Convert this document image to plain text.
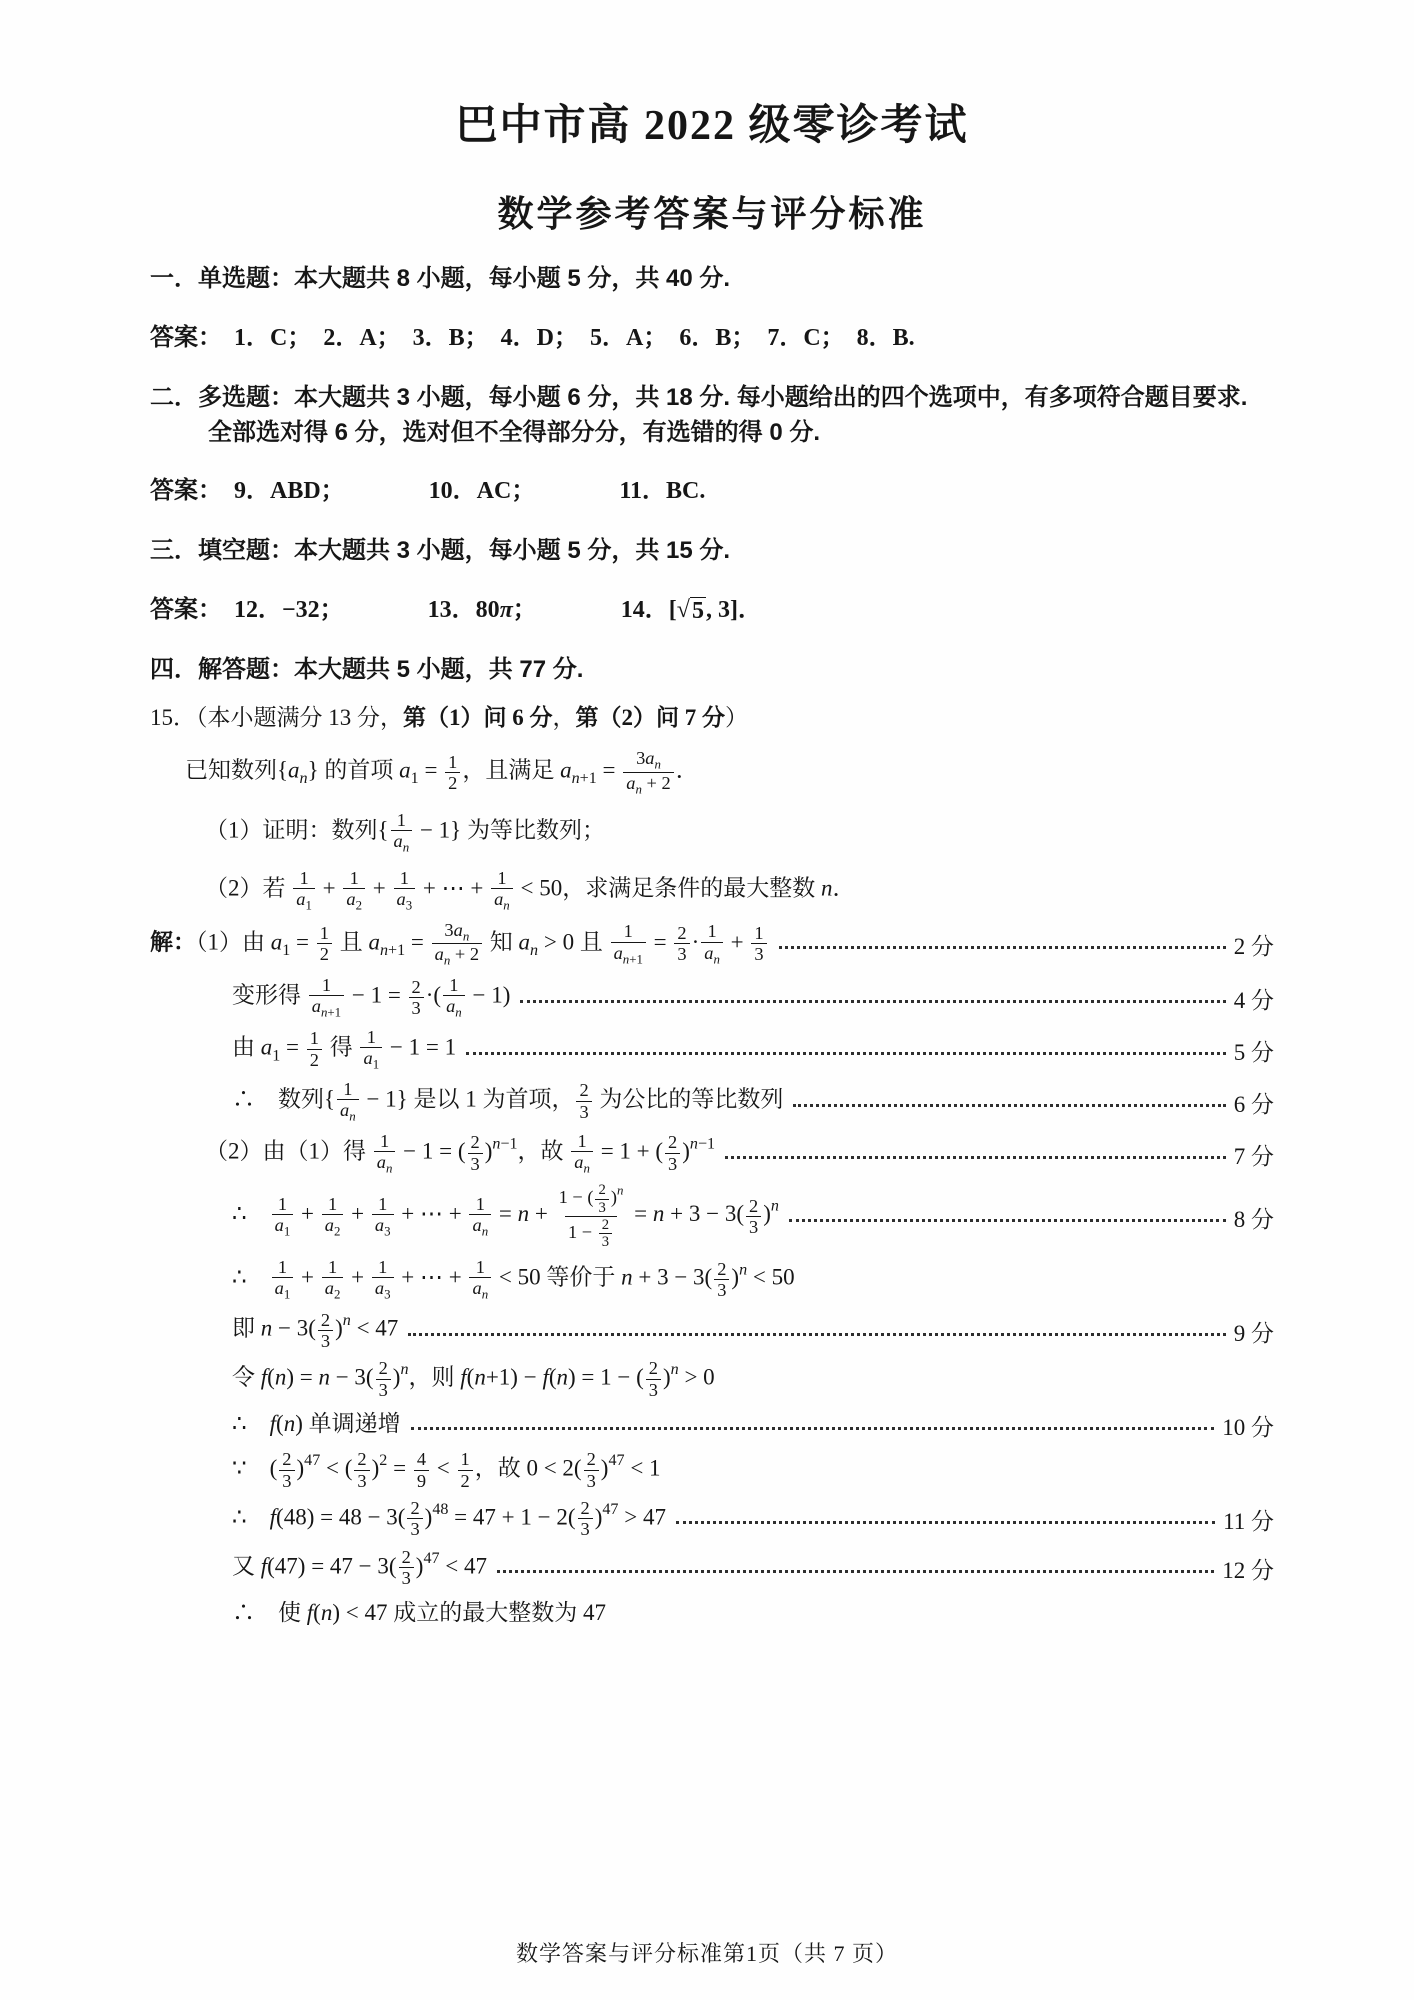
巴中市高 2022 级零诊考试
数学参考答案与评分标准
一．单选题：本大题共 8 小题，每小题 5 分，共 40 分.
答案：　1．C；　2．A；　3．B；　4．D；　5．A；　6．B；　7．C；　8．B.
二．多选题：本大题共 3 小题，每小题 6 分，共 18 分. 每小题给出的四个选项中，有多项符合题目要求. 全部选对得 6 分，选对但不全得部分分，有选错的得 0 分.
答案：　9．ABD；　　　　10．AC；　　　　11．BC.
三．填空题：本大题共 3 小题，每小题 5 分，共 15 分.
答案：　12．−32；　　　　13．80π；　　　　14．[ √ 5 , 3]．
四．解答题：本大题共 5 小题，共 77 分.
15．（本小题满分 13 分，第（1）问 6 分，第（2）问 7 分）
已知数列$\{a_n\}$ 的首项 $a_1 = \frac{1}{2}$ ，且满足 $a_{n+1} = \frac{3a_n}{a_n + 2}$ ．
（1）证明：数列{ $\frac{1}{a_n} - 1$} 为等比数列；
（2）若 $\frac{1}{a_1} + \frac{1}{a_2} + \frac{1}{a_3}$ + ⋯ + $\frac{1}{a_n} < 50$，求满足条件的最大整数 n．
解：（1）由 $a_1 = \frac{1}{2}$ 且 $a_{n+1} = \frac{3a_n}{a_n + 2}$ 知 $a_n > 0$ 且 $\frac{1}{a_{n+1}} = \frac{2}{3} \cdot \frac{1}{a_n} + \frac{1}{3}$	2 分
变形得 $\frac{1}{a_{n+1}} - 1 = \frac{2}{3}$ ·( $\frac{1}{a_n} - 1$)	4 分
由 $a_1 = \frac{1}{2}$ 得 $\frac{1}{a_1} - 1 = 1$	5 分
∴　数列{ $\frac{1}{a_n} - 1$} 是以 1 为首项， $\frac{2}{3}$ 为公比的等比数列	6 分
（2）由（1）得 $\frac{1}{a_n} - 1$ = ( $\frac{2}{3} )^{n-1}$，故 $\frac{1}{a_n} = 1$ + ( $\frac{2}{3} )^{n-1}$
7 分
∴　 $\frac{1}{a_1} + \frac{1}{a_2} + \frac{1}{a_3}$ + ⋯ + $\frac{1}{a_n} = n + \frac{1 - ( \frac{2}{3} )^n}{1 - \frac{2}{3}} = n + 3 - 3( \frac{2}{3} )^n$
8 分
∴　 $\frac{1}{a_1} + \frac{1}{a_2} + \frac{1}{a_3}$ + ⋯ + $\frac{1}{a_n} < 50$ 等价于 $n + 3 - 3( \frac{2}{3} )^n < 50$
即 $n - 3( \frac{2}{3} )^n < 47$	9 分
令 $f(n) = n - 3( \frac{2}{3} )^n$，则 f(n+1) − f(n) = 1 − ( $\frac{2}{3} )^n > 0$
∴　f(n) 单调递增	10 分
∵　( $\frac{2}{3} )^{47}$ < ( $\frac{2}{3} )^2 = \frac{4}{9} < \frac{1}{2}$ ，故 $0 < 2( \frac{2}{3} )^{47} < 1$
∴　$f(48) = 48 - 3( \frac{2}{3} )^{48} = 47 + 1 - 2( \frac{2}{3} )^{47} > 47$	11 分
又 $f(47) = 47 - 3( \frac{2}{3} )^{47} < 47$	12 分
∴　使 f(n) < 47 成立的最大整数为 47
数学答案与评分标准第1页（共 7 页）
